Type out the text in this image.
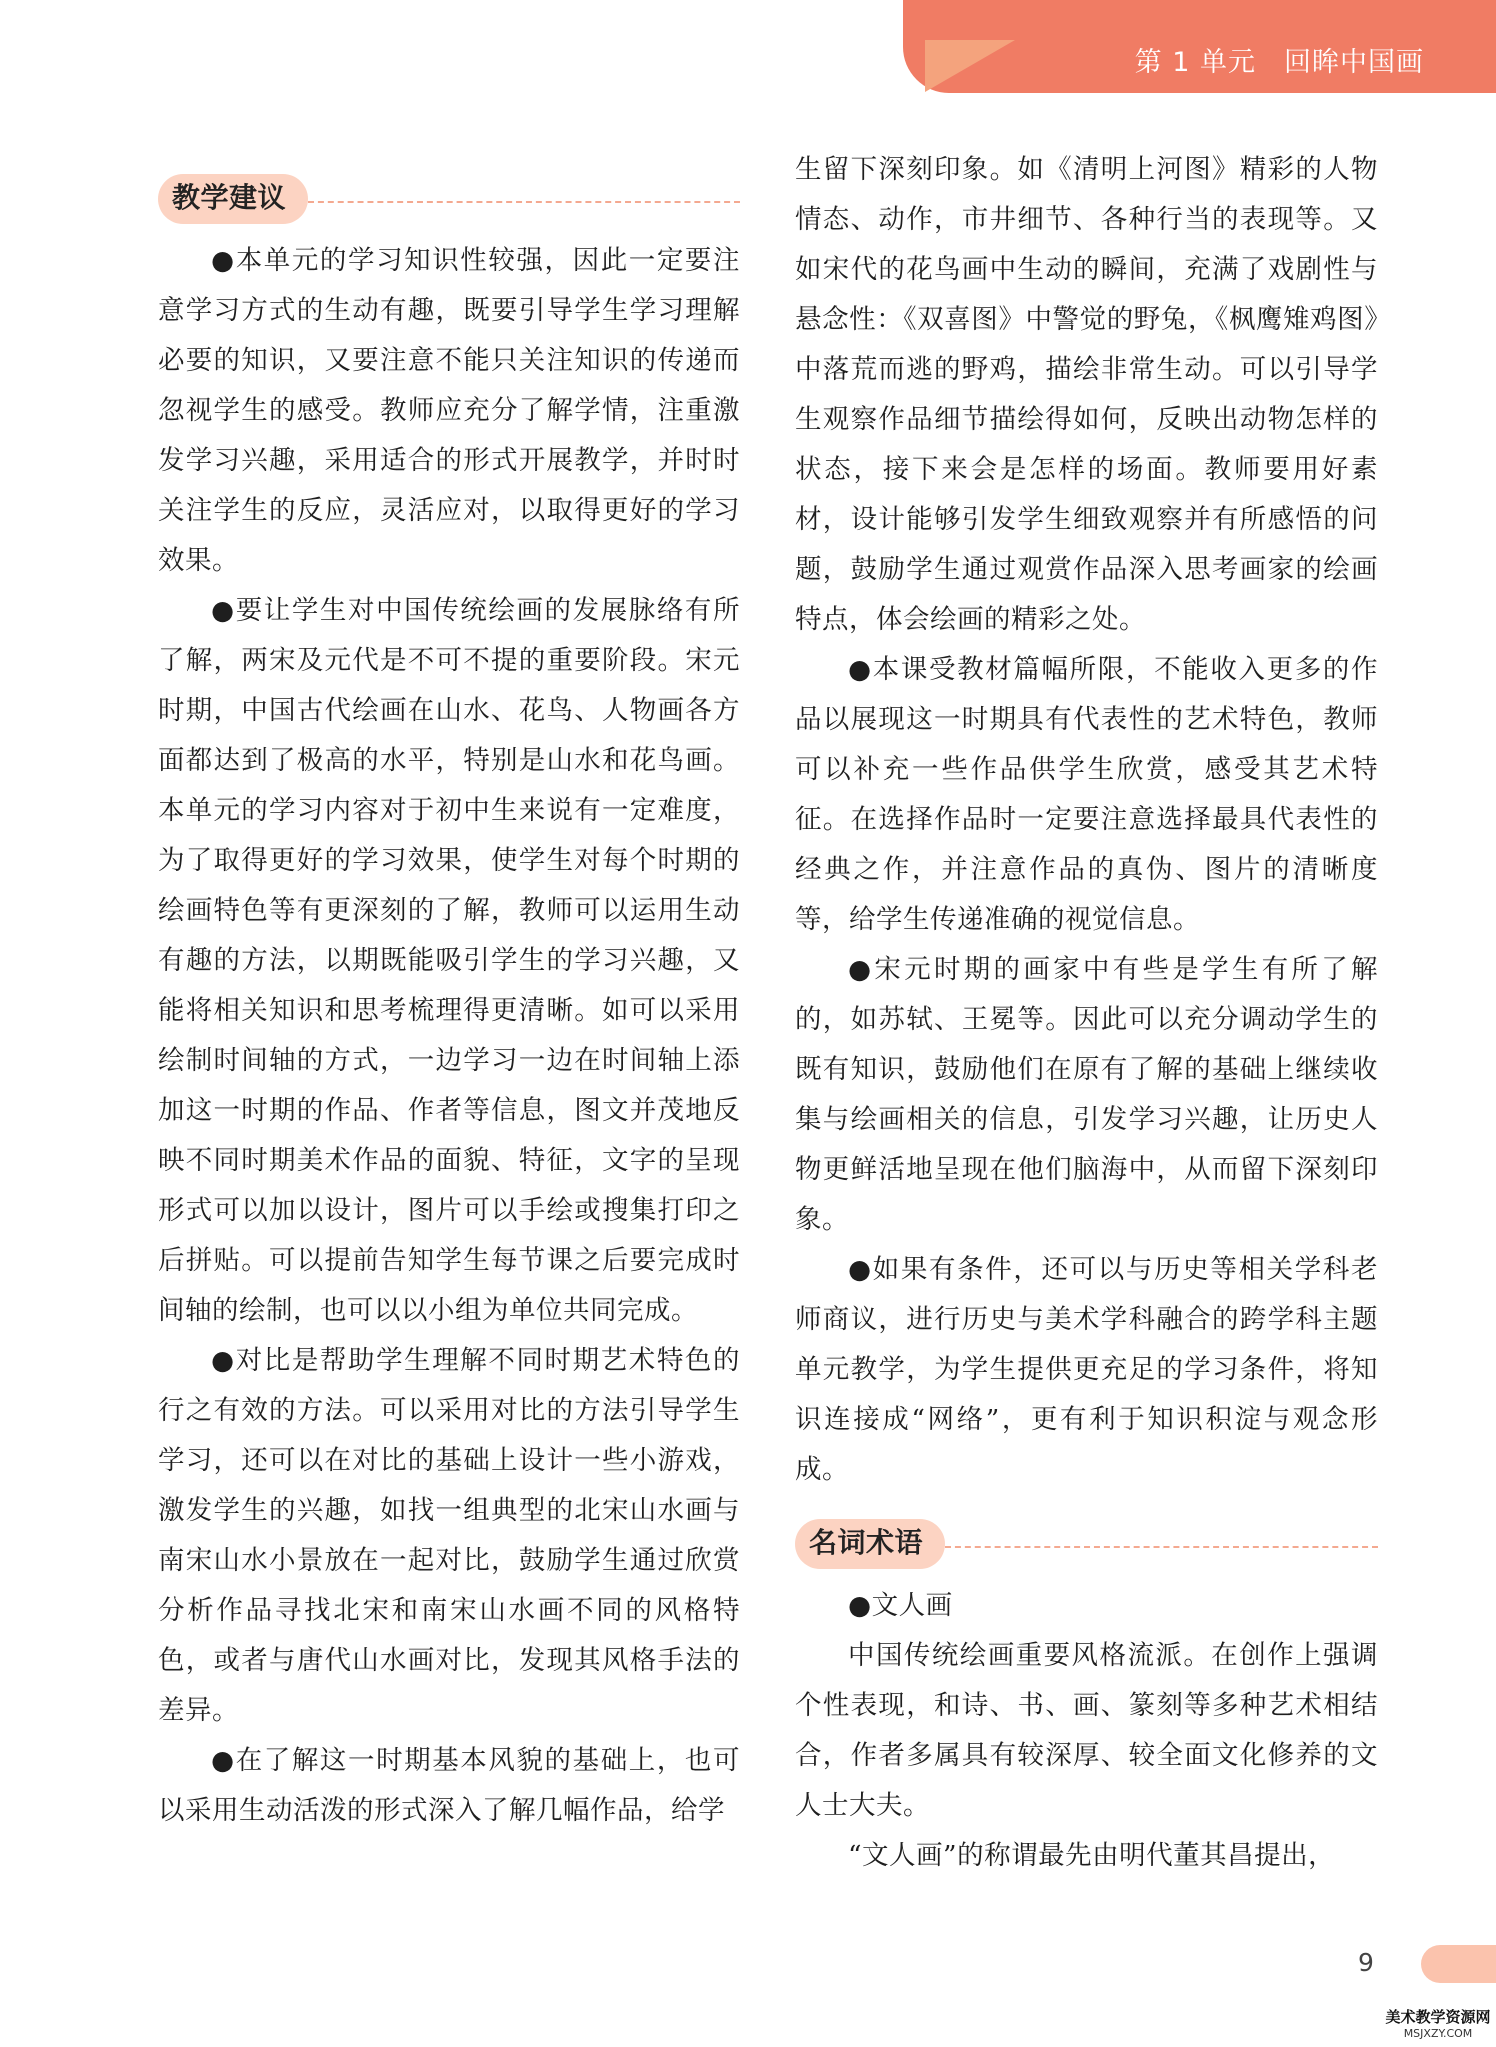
第 1 单元　回眸中国画
教学建议

●本单元的学习知识性较强，因此一定要注意学习方式的生动有趣，既要引导学生学习理解必要的知识，又要注意不能只关注知识的传递而忽视学生的感受。教师应充分了解学情，注重激发学习兴趣，采用适合的形式开展教学，并时时关注学生的反应，灵活应对，以取得更好的学习效果。

●要让学生对中国传统绘画的发展脉络有所了解，两宋及元代是不可不提的重要阶段。宋元时期，中国古代绘画在山水、花鸟、人物画各方面都达到了极高的水平，特别是山水和花鸟画。本单元的学习内容对于初中生来说有一定难度，为了取得更好的学习效果，使学生对每个时期的绘画特色等有更深刻的了解，教师可以运用生动有趣的方法，以期既能吸引学生的学习兴趣，又能将相关知识和思考梳理得更清晰。如可以采用绘制时间轴的方式，一边学习一边在时间轴上添加这一时期的作品、作者等信息，图文并茂地反映不同时期美术作品的面貌、特征，文字的呈现形式可以加以设计，图片可以手绘或搜集打印之后拼贴。可以提前告知学生每节课之后要完成时间轴的绘制，也可以以小组为单位共同完成。

●对比是帮助学生理解不同时期艺术特色的行之有效的方法。可以采用对比的方法引导学生学习，还可以在对比的基础上设计一些小游戏，激发学生的兴趣，如找一组典型的北宋山水画与南宋山水小景放在一起对比，鼓励学生通过欣赏分析作品寻找北宋和南宋山水画不同的风格特色，或者与唐代山水画对比，发现其风格手法的差异。

●在了解这一时期基本风貌的基础上，也可以采用生动活泼的形式深入了解几幅作品，给学

生留下深刻印象。如《清明上河图》精彩的人物情态、动作，市井细节、各种行当的表现等。又如宋代的花鸟画中生动的瞬间，充满了戏剧性与悬念性：《双喜图》中警觉的野兔，《枫鹰雉鸡图》中落荒而逃的野鸡，描绘非常生动。可以引导学生观察作品细节描绘得如何，反映出动物怎样的状态，接下来会是怎样的场面。教师要用好素材，设计能够引发学生细致观察并有所感悟的问题，鼓励学生通过观赏作品深入思考画家的绘画特点，体会绘画的精彩之处。

●本课受教材篇幅所限，不能收入更多的作品以展现这一时期具有代表性的艺术特色，教师可以补充一些作品供学生欣赏，感受其艺术特征。在选择作品时一定要注意选择最具代表性的经典之作，并注意作品的真伪、图片的清晰度等，给学生传递准确的视觉信息。

●宋元时期的画家中有些是学生有所了解的，如苏轼、王冕等。因此可以充分调动学生的既有知识，鼓励他们在原有了解的基础上继续收集与绘画相关的信息，引发学习兴趣，让历史人物更鲜活地呈现在他们脑海中，从而留下深刻印象。

●如果有条件，还可以与历史等相关学科老师商议，进行历史与美术学科融合的跨学科主题单元教学，为学生提供更充足的学习条件，将知识连接成“网络”，更有利于知识积淀与观念形成。

名词术语

●文人画

中国传统绘画重要风格流派。在创作上强调个性表现，和诗、书、画、篆刻等多种艺术相结合，作者多属具有较深厚、较全面文化修养的文人士大夫。

“文人画”的称谓最先由明代董其昌提出，

9
美术教学资源网
MSJXZY.COM
